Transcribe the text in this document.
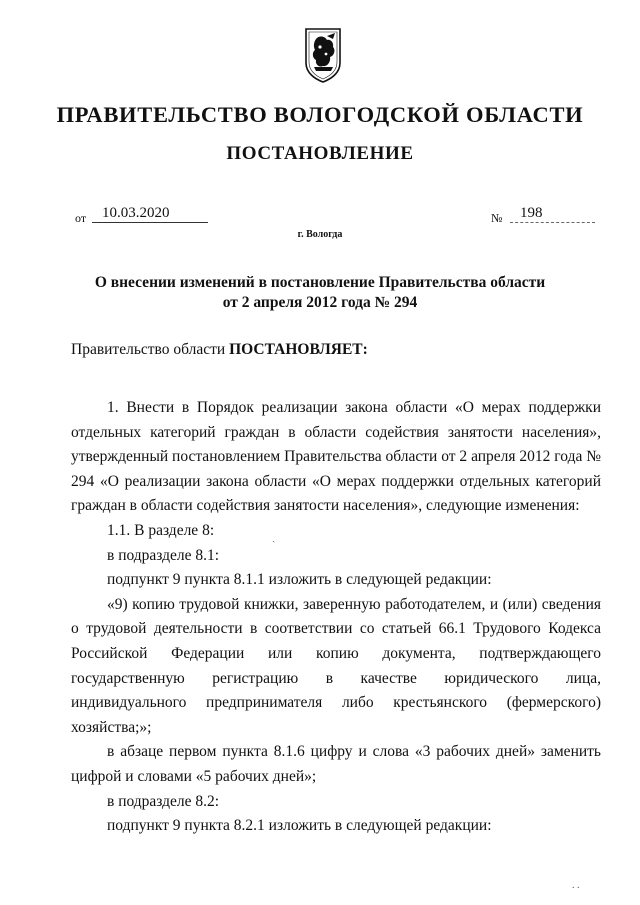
ПРАВИТЕЛЬСТВО ВОЛОГОДСКОЙ ОБЛАСТИ
ПОСТАНОВЛЕНИЕ
от	10.03.2020	№	198
г. Вологда
О внесении изменений в постановление Правительства области
от 2 апреля 2012 года № 294
Правительство области ПОСТАНОВЛЯЕТ:

1. Внести в Порядок реализации закона области «О мерах поддержки отдельных категорий граждан в области содействия занятости населения», утвержденный постановлением Правительства области от 2 апреля 2012 года № 294 «О реализации закона области «О мерах поддержки отдельных категорий граждан в области содействия занятости населения», следующие изменения:

1.1. В разделе 8:

в подразделе 8.1:

подпункт 9 пункта 8.1.1 изложить в следующей редакции:

«9) копию трудовой книжки, заверенную работодателем, и (или) сведения о трудовой деятельности в соответствии со статьей 66.1 Трудового Кодекса Российской Федерации или копию документа, подтверждающего государственную регистрацию в качестве юридического лица, индивидуального предпринимателя либо крестьянского (фермерского) хозяйства;»;

в абзаце первом пункта 8.1.6 цифру и слова «3 рабочих дней» заменить цифрой и словами «5 рабочих дней»;

в подразделе 8.2:

подпункт 9 пункта 8.2.1 изложить в следующей редакции:

ˏ
. .
